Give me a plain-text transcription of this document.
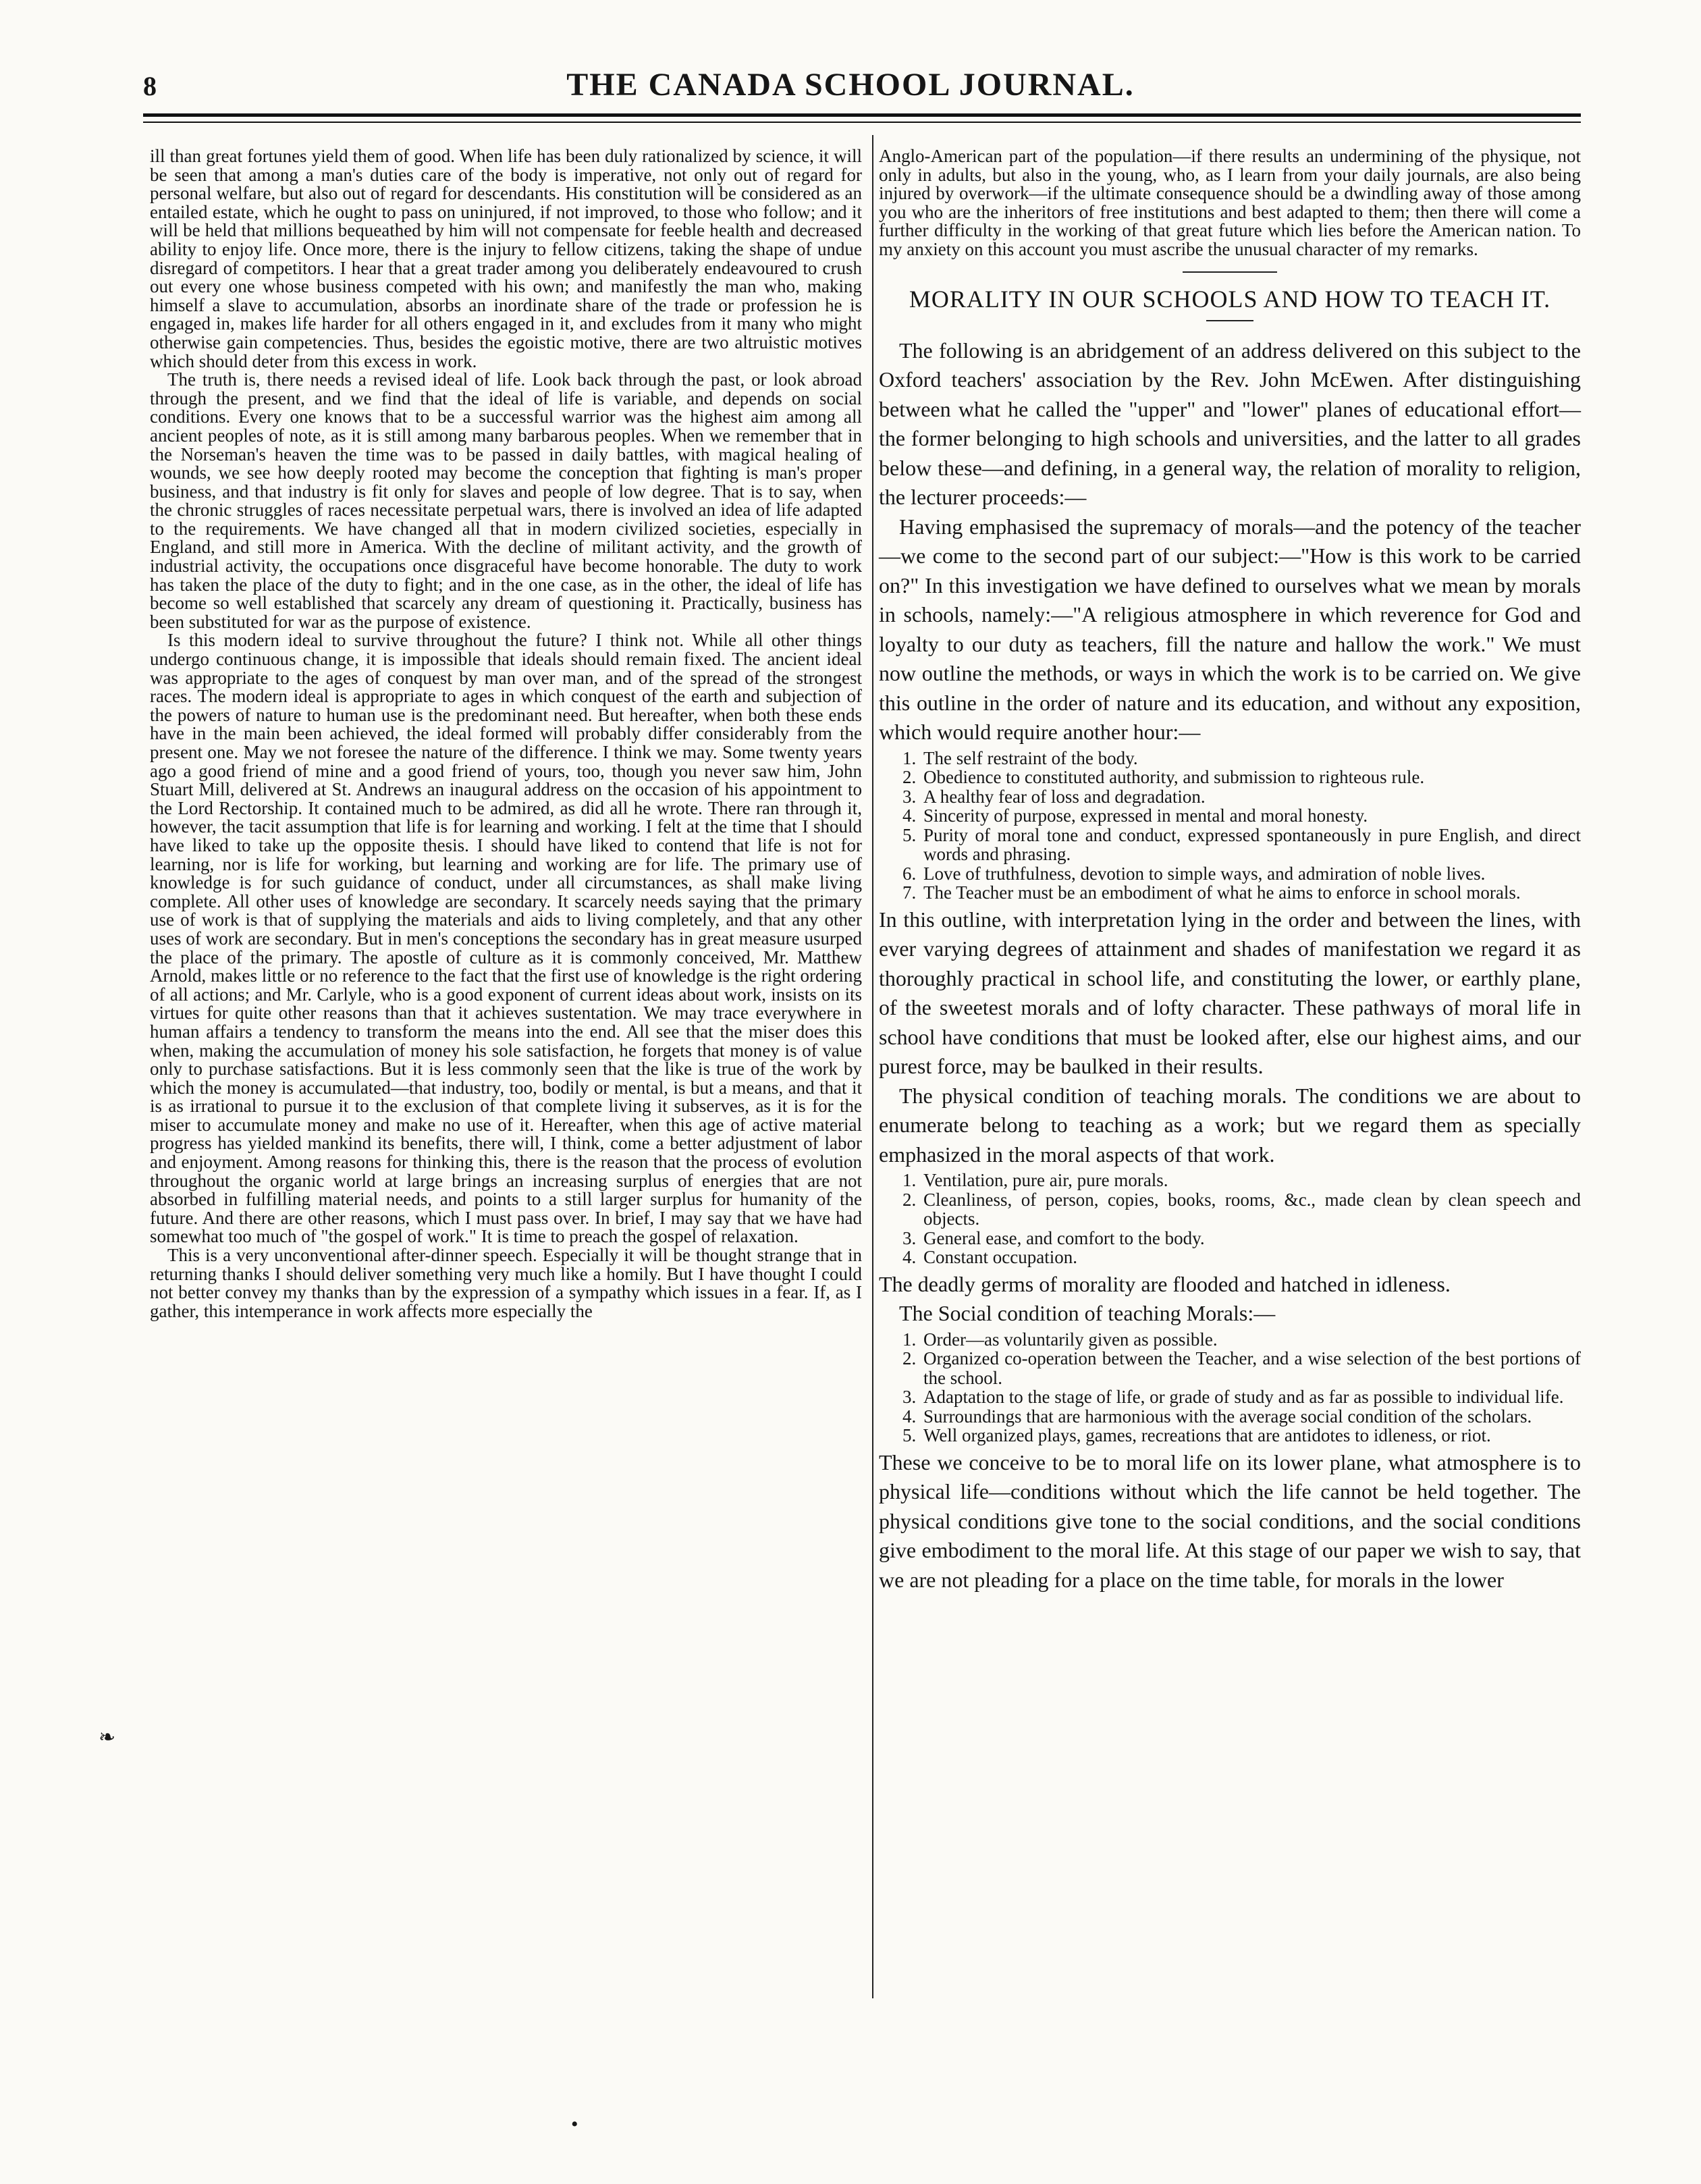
8	THE CANADA SCHOOL JOURNAL.

ill than great fortunes yield them of good. When life has been duly rationalized by science, it will be seen that among a man's duties care of the body is imperative, not only out of regard for personal welfare, but also out of regard for descendants. His constitution will be considered as an entailed estate, which he ought to pass on uninjured, if not improved, to those who follow; and it will be held that millions bequeathed by him will not compensate for feeble health and decreased ability to enjoy life. Once more, there is the injury to fellow citizens, taking the shape of undue disregard of competitors. I hear that a great trader among you deliberately endeavoured to crush out every one whose business competed with his own; and manifestly the man who, making himself a slave to accumulation, absorbs an inordinate share of the trade or profession he is engaged in, makes life harder for all others engaged in it, and excludes from it many who might otherwise gain competencies. Thus, besides the egoistic motive, there are two altruistic motives which should deter from this excess in work.

The truth is, there needs a revised ideal of life. Look back through the past, or look abroad through the present, and we find that the ideal of life is variable, and depends on social conditions. Every one knows that to be a successful warrior was the highest aim among all ancient peoples of note, as it is still among many barbarous peoples. When we remember that in the Norseman's heaven the time was to be passed in daily battles, with magical healing of wounds, we see how deeply rooted may become the conception that fighting is man's proper business, and that industry is fit only for slaves and people of low degree. That is to say, when the chronic struggles of races necessitate perpetual wars, there is involved an idea of life adapted to the requirements. We have changed all that in modern civilized societies, especially in England, and still more in America. With the decline of militant activity, and the growth of industrial activity, the occupations once disgraceful have become honorable. The duty to work has taken the place of the duty to fight; and in the one case, as in the other, the ideal of life has become so well established that scarcely any dream of questioning it. Practically, business has been substituted for war as the purpose of existence.

Is this modern ideal to survive throughout the future? I think not. While all other things undergo continuous change, it is impossible that ideals should remain fixed. The ancient ideal was appropriate to the ages of conquest by man over man, and of the spread of the strongest races. The modern ideal is appropriate to ages in which conquest of the earth and subjection of the powers of nature to human use is the predominant need. But hereafter, when both these ends have in the main been achieved, the ideal formed will probably differ considerably from the present one. May we not foresee the nature of the difference. I think we may. Some twenty years ago a good friend of mine and a good friend of yours, too, though you never saw him, John Stuart Mill, delivered at St. Andrews an inaugural address on the occasion of his appointment to the Lord Rectorship. It contained much to be admired, as did all he wrote. There ran through it, however, the tacit assumption that life is for learning and working. I felt at the time that I should have liked to take up the opposite thesis. I should have liked to contend that life is not for learning, nor is life for working, but learning and working are for life. The primary use of knowledge is for such guidance of conduct, under all circumstances, as shall make living complete. All other uses of knowledge are secondary. It scarcely needs saying that the primary use of work is that of supplying the materials and aids to living completely, and that any other uses of work are secondary. But in men's conceptions the secondary has in great measure usurped the place of the primary. The apostle of culture as it is commonly conceived, Mr. Matthew Arnold, makes little or no reference to the fact that the first use of knowledge is the right ordering of all actions; and Mr. Carlyle, who is a good exponent of current ideas about work, insists on its virtues for quite other reasons than that it achieves sustentation. We may trace everywhere in human affairs a tendency to transform the means into the end. All see that the miser does this when, making the accumulation of money his sole satisfaction, he forgets that money is of value only to purchase satisfactions. But it is less commonly seen that the like is true of the work by which the money is accumulated—that industry, too, bodily or mental, is but a means, and that it is as irrational to pursue it to the exclusion of that complete living it subserves, as it is for the miser to accumulate money and make no use of it. Hereafter, when this age of active material progress has yielded mankind its benefits, there will, I think, come a better adjustment of labor and enjoyment. Among reasons for thinking this, there is the reason that the process of evolution throughout the organic world at large brings an increasing surplus of energies that are not absorbed in fulfilling material needs, and points to a still larger surplus for humanity of the future. And there are other reasons, which I must pass over. In brief, I may say that we have had somewhat too much of "the gospel of work." It is time to preach the gospel of relaxation.

This is a very unconventional after-dinner speech. Especially it will be thought strange that in returning thanks I should deliver something very much like a homily. But I have thought I could not better convey my thanks than by the expression of a sympathy which issues in a fear. If, as I gather, this intemperance in work affects more especially the

Anglo-American part of the population—if there results an undermining of the physique, not only in adults, but also in the young, who, as I learn from your daily journals, are also being injured by overwork—if the ultimate consequence should be a dwindling away of those among you who are the inheritors of free institutions and best adapted to them; then there will come a further difficulty in the working of that great future which lies before the American nation. To my anxiety on this account you must ascribe the unusual character of my remarks.

MORALITY IN OUR SCHOOLS AND HOW TO TEACH IT.

The following is an abridgement of an address delivered on this subject to the Oxford teachers' association by the Rev. John McEwen. After distinguishing between what he called the "upper" and "lower" planes of educational effort—the former belonging to high schools and universities, and the latter to all grades below these—and defining, in a general way, the relation of morality to religion, the lecturer proceeds:—

Having emphasised the supremacy of morals—and the potency of the teacher—we come to the second part of our subject:—"How is this work to be carried on?" In this investigation we have defined to ourselves what we mean by morals in schools, namely:—"A religious atmosphere in which reverence for God and loyalty to our duty as teachers, fill the nature and hallow the work." We must now outline the methods, or ways in which the work is to be carried on. We give this outline in the order of nature and its education, and without any exposition, which would require another hour:—

1. The self restraint of the body.
2. Obedience to constituted authority, and submission to righteous rule.
3. A healthy fear of loss and degradation.
4. Sincerity of purpose, expressed in mental and moral honesty.
5. Purity of moral tone and conduct, expressed spontaneously in pure English, and direct words and phrasing.
6. Love of truthfulness, devotion to simple ways, and admiration of noble lives.
7. The Teacher must be an embodiment of what he aims to enforce in school morals.

In this outline, with interpretation lying in the order and between the lines, with ever varying degrees of attainment and shades of manifestation we regard it as thoroughly practical in school life, and constituting the lower, or earthly plane, of the sweetest morals and of lofty character. These pathways of moral life in school have conditions that must be looked after, else our highest aims, and our purest force, may be baulked in their results.

The physical condition of teaching morals. The conditions we are about to enumerate belong to teaching as a work; but we regard them as specially emphasized in the moral aspects of that work.

1. Ventilation, pure air, pure morals.
2. Cleanliness, of person, copies, books, rooms, &c., made clean by clean speech and objects.
3. General ease, and comfort to the body.
4. Constant occupation.

The deadly germs of morality are flooded and hatched in idleness.

The Social condition of teaching Morals:—

1. Order—as voluntarily given as possible.
2. Organized co-operation between the Teacher, and a wise selection of the best portions of the school.
3. Adaptation to the stage of life, or grade of study and as far as possible to individual life.
4. Surroundings that are harmonious with the average social condition of the scholars.
5. Well organized plays, games, recreations that are antidotes to idleness, or riot.

These we conceive to be to moral life on its lower plane, what atmosphere is to physical life—conditions without which the life cannot be held together. The physical conditions give tone to the social conditions, and the social conditions give embodiment to the moral life. At this stage of our paper we wish to say, that we are not pleading for a place on the time table, for morals in the lower

❧
•
